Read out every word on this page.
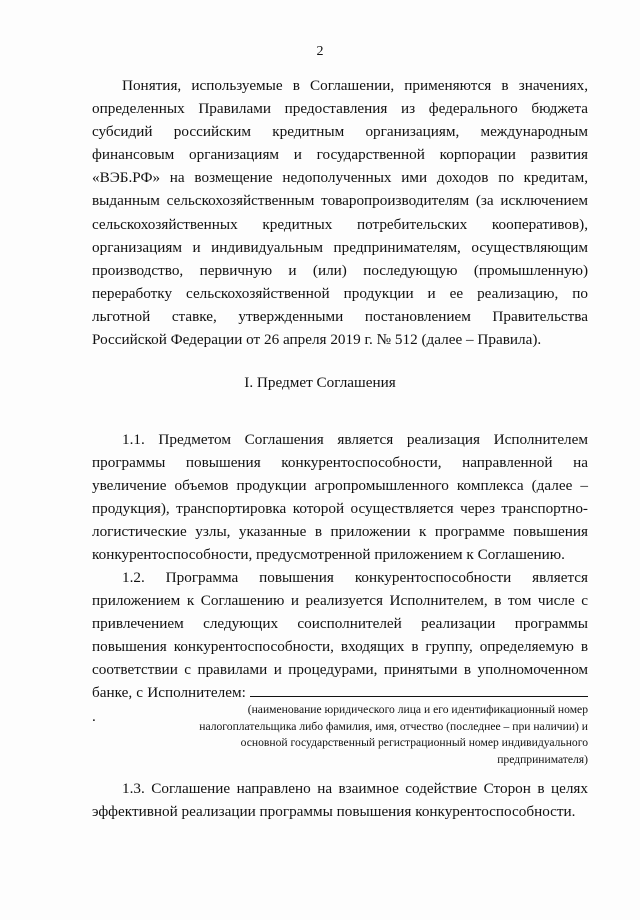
2

Понятия, используемые в Соглашении, применяются в значениях, определенных Правилами предоставления из федерального бюджета субсидий российским кредитным организациям, международным финансовым организациям и государственной корпорации развития «ВЭБ.РФ» на возмещение недополученных ими доходов по кредитам, выданным сельскохозяйственным товаропроизводителям (за исключением сельскохозяйственных кредитных потребительских кооперативов), организациям и индивидуальным предпринимателям, осуществляющим производство, первичную и (или) последующую (промышленную) переработку сельскохозяйственной продукции и ее реализацию, по льготной ставке, утвержденными постановлением Правительства Российской Федерации от 26 апреля 2019 г. № 512 (далее – Правила).

I. Предмет Соглашения

1.1. Предметом Соглашения является реализация Исполнителем программы повышения конкурентоспособности, направленной на увеличение объемов продукции агропромышленного комплекса (далее – продукция), транспортировка которой осуществляется через транспортно-логистические узлы, указанные в приложении к программе повышения конкурентоспособности, предусмотренной приложением к Соглашению.

1.2. Программа повышения конкурентоспособности является приложением к Соглашению и реализуется Исполнителем, в том числе с привлечением следующих соисполнителей реализации программы повышения конкурентоспособности, входящих в группу, определяемую в соответствии с правилами и процедурами, принятыми в уполномоченном банке, с Исполнителем: .	(наименование юридического лица и его идентификационный номер налогоплательщика либо фамилия, имя, отчество (последнее – при наличии) и основной государственный регистрационный номер индивидуального предпринимателя)

1.3. Соглашение направлено на взаимное содействие Сторон в целях эффективной реализации программы повышения конкурентоспособности.
